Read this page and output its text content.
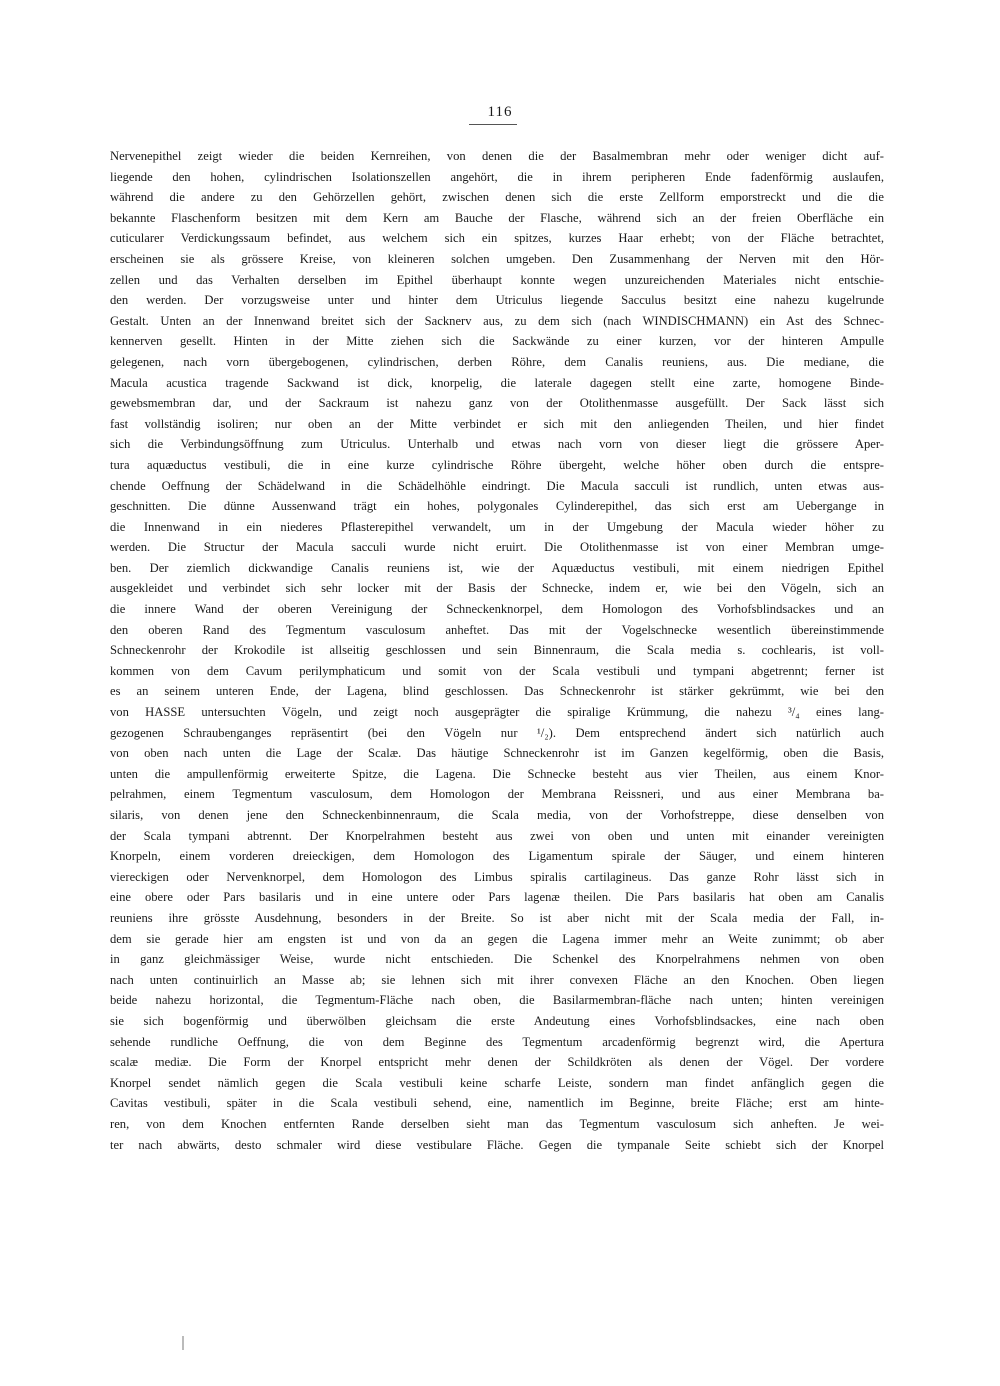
116
Nervenepithel zeigt wieder die beiden Kernreihen, von denen die der Basalmembran mehr oder weniger dicht auf-
liegende den hohen, cylindrischen Isolationszellen angehört, die in ihrem peripheren Ende fadenförmig auslaufen,
während die andere zu den Gehörzellen gehört, zwischen denen sich die erste Zellform emporstreckt und die die
bekannte Flaschenform besitzen mit dem Kern am Bauche der Flasche, während sich an der freien Oberfläche ein
cuticularer Verdickungssaum befindet, aus welchem sich ein spitzes, kurzes Haar erhebt; von der Fläche betrachtet,
erscheinen sie als grössere Kreise, von kleineren solchen umgeben. Den Zusammenhang der Nerven mit den Hör-
zellen und das Verhalten derselben im Epithel überhaupt konnte wegen unzureichenden Materiales nicht entschie-
den werden. Der vorzugsweise unter und hinter dem Utriculus liegende Sacculus besitzt eine nahezu kugelrunde
Gestalt. Unten an der Innenwand breitet sich der Sacknerv aus, zu dem sich (nach WINDISCHMANN) ein Ast des Schnec-
kennerven gesellt. Hinten in der Mitte ziehen sich die Sackwände zu einer kurzen, vor der hinteren Ampulle
gelegenen, nach vorn übergebogenen, cylindrischen, derben Röhre, dem Canalis reuniens, aus. Die mediane, die
Macula acustica tragende Sackwand ist dick, knorpelig, die laterale dagegen stellt eine zarte, homogene Binde-
gewebsmembran dar, und der Sackraum ist nahezu ganz von der Otolithenmasse ausgefüllt. Der Sack lässt sich
fast vollständig isoliren; nur oben an der Mitte verbindet er sich mit den anliegenden Theilen, und hier findet
sich die Verbindungsöffnung zum Utriculus. Unterhalb und etwas nach vorn von dieser liegt die grössere Aper-
tura aquæductus vestibuli, die in eine kurze cylindrische Röhre übergeht, welche höher oben durch die entspre-
chende Oeffnung der Schädelwand in die Schädelhöhle eindringt. Die Macula sacculi ist rundlich, unten etwas aus-
geschnitten. Die dünne Aussenwand trägt ein hohes, polygonales Cylinderepithel, das sich erst am Uebergange in
die Innenwand in ein niederes Pflasterepithel verwandelt, um in der Umgebung der Macula wieder höher zu
werden. Die Structur der Macula sacculi wurde nicht eruirt. Die Otolithenmasse ist von einer Membran umge-
ben. Der ziemlich dickwandige Canalis reuniens ist, wie der Aquæductus vestibuli, mit einem niedrigen Epithel
ausgekleidet und verbindet sich sehr locker mit der Basis der Schnecke, indem er, wie bei den Vögeln, sich an
die innere Wand der oberen Vereinigung der Schneckenknorpel, dem Homologon des Vorhofsblindsackes und an
den oberen Rand des Tegmentum vasculosum anheftet. Das mit der Vogelschnecke wesentlich übereinstimmende
Schneckenrohr der Krokodile ist allseitig geschlossen und sein Binnenraum, die Scala media s. cochlearis, ist voll-
kommen von dem Cavum perilymphaticum und somit von der Scala vestibuli und tympani abgetrennt; ferner ist
es an seinem unteren Ende, der Lagena, blind geschlossen. Das Schneckenrohr ist stärker gekrümmt, wie bei den
von HASSE untersuchten Vögeln, und zeigt noch ausgeprägter die spiralige Krümmung, die nahezu ³/₄ eines lang-
gezogenen Schraubenganges repräsentirt (bei den Vögeln nur ¹/₂). Dem entsprechend ändert sich natürlich auch
von oben nach unten die Lage der Scalæ. Das häutige Schneckenrohr ist im Ganzen kegelförmig, oben die Basis,
unten die ampullenförmig erweiterte Spitze, die Lagena. Die Schnecke besteht aus vier Theilen, aus einem Knor-
pelrahmen, einem Tegmentum vasculosum, dem Homologon der Membrana Reissneri, und aus einer Membrana ba-
silaris, von denen jene den Schneckenbinnenraum, die Scala media, von der Vorhofstreppe, diese denselben von
der Scala tympani abtrennt. Der Knorpelrahmen besteht aus zwei von oben und unten mit einander vereinigten
Knorpeln, einem vorderen dreieckigen, dem Homologon des Ligamentum spirale der Säuger, und einem hinteren
viereckigen oder Nervenknorpel, dem Homologon des Limbus spiralis cartilagineus. Das ganze Rohr lässt sich in
eine obere oder Pars basilaris und in eine untere oder Pars lagenæ theilen. Die Pars basilaris hat oben am Canalis
reuniens ihre grösste Ausdehnung, besonders in der Breite. So ist aber nicht mit der Scala media der Fall, in-
dem sie gerade hier am engsten ist und von da an gegen die Lagena immer mehr an Weite zunimmt; ob aber
in ganz gleichmässiger Weise, wurde nicht entschieden. Die Schenkel des Knorpelrahmens nehmen von oben
nach unten continuirlich an Masse ab; sie lehnen sich mit ihrer convexen Fläche an den Knochen. Oben liegen
beide nahezu horizontal, die Tegmentum-Fläche nach oben, die Basilarmembran-fläche nach unten; hinten vereinigen
sie sich bogenförmig und überwölben gleichsam die erste Andeutung eines Vorhofsblindsackes, eine nach oben
sehende rundliche Oeffnung, die von dem Beginne des Tegmentum arcadenförmig begrenzt wird, die Apertura
scalæ mediæ. Die Form der Knorpel entspricht mehr denen der Schildkröten als denen der Vögel. Der vordere
Knorpel sendet nämlich gegen die Scala vestibuli keine scharfe Leiste, sondern man findet anfänglich gegen die
Cavitas vestibuli, später in die Scala vestibuli sehend, eine, namentlich im Beginne, breite Fläche; erst am hinte-
ren, von dem Knochen entfernten Rande derselben sieht man das Tegmentum vasculosum sich anheften. Je wei-
ter nach abwärts, desto schmaler wird diese vestibulare Fläche. Gegen die tympanale Seite schiebt sich der Knorpel
